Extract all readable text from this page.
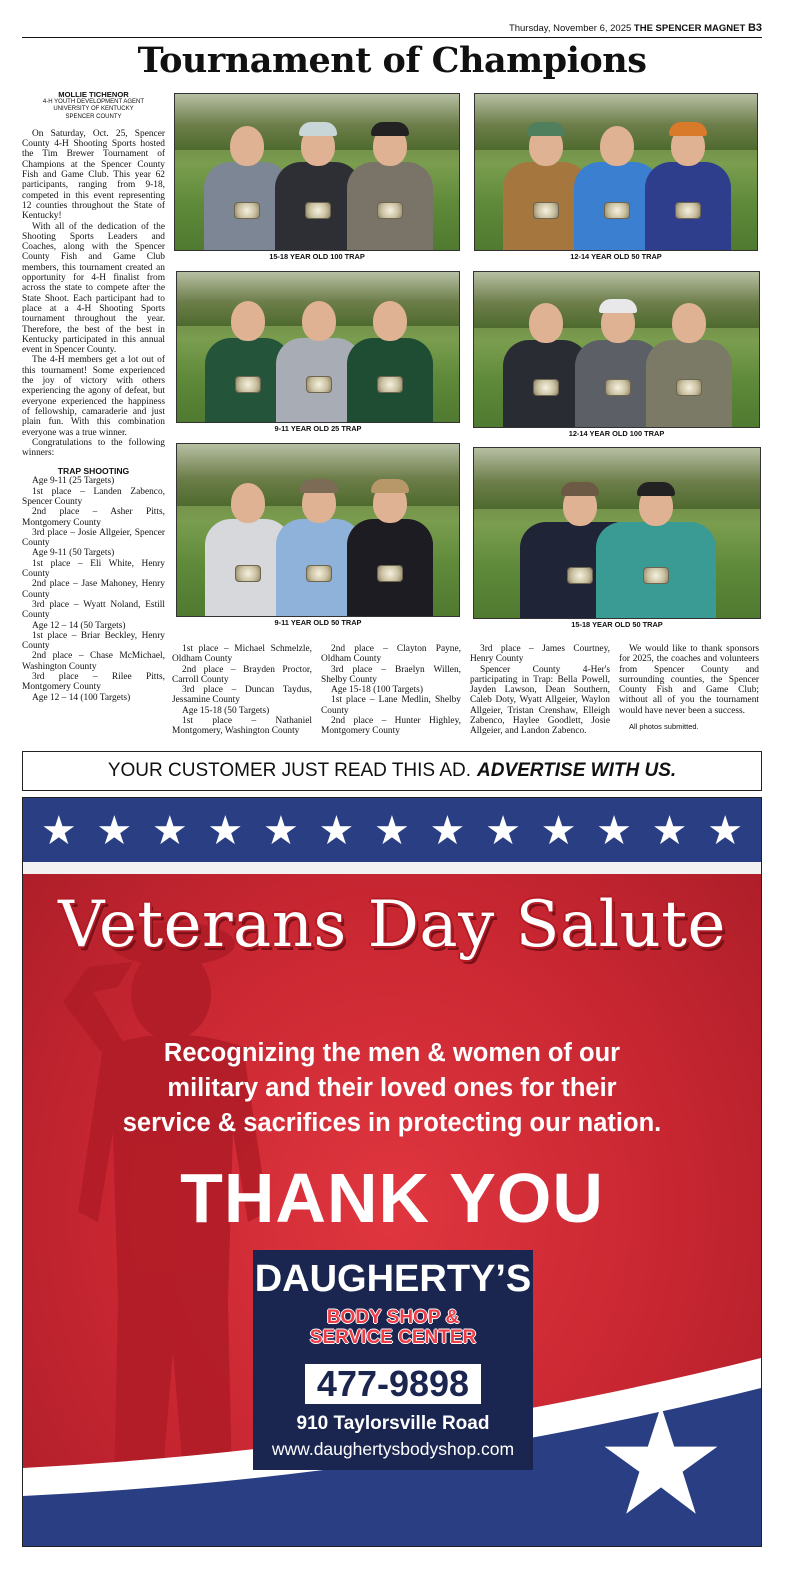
Thursday, November 6, 2025 THE SPENCER MAGNET B3
Tournament of Champions
MOLLIE TICHENOR
4-H YOUTH DEVELOPMENT AGENT
UNIVERSITY OF KENTUCKY
SPENCER COUNTY

On Saturday, Oct. 25, Spencer County 4-H Shooting Sports hosted the Tim Brewer Tournament of Champions at the Spencer County Fish and Game Club. This year 62 participants, ranging from 9-18, competed in this event representing 12 counties throughout the State of Kentucky!

With all of the dedication of the Shooting Sports Leaders and Coaches, along with the Spencer County Fish and Game Club members, this tournament created an opportunity for 4-H finalist from across the state to compete after the State Shoot. Each participant had to place at a 4-H Shooting Sports tournament throughout the year. Therefore, the best of the best in Kentucky participated in this annual event in Spencer County.

The 4-H members get a lot out of this tournament! Some experienced the joy of victory with others experiencing the agony of defeat, but everyone experienced the happiness of fellowship, camaraderie and just plain fun. With this combination everyone was a true winner.

Congratulations to the following winners:

TRAP SHOOTING

Age 9-11 (25 Targets)

1st place – Landen Zabenco, Spencer County

2nd place – Asher Pitts, Montgomery County

3rd place – Josie Allgeier, Spencer County

Age 9-11 (50 Targets)

1st place – Eli White, Henry County

2nd place – Jase Mahoney, Henry County

3rd place – Wyatt Noland, Estill County

Age 12 – 14 (50 Targets)

1st place – Briar Beckley, Henry County

2nd place – Chase McMichael, Washington County

3rd place – Rilee Pitts, Montgomery County

Age 12 – 14 (100 Targets)

15-18 YEAR OLD 100 TRAP	12-14 YEAR OLD 50 TRAP
9-11 YEAR OLD 25 TRAP
12-14 YEAR OLD 100 TRAP
9-11 YEAR OLD 50 TRAP	15-18 YEAR OLD 50 TRAP

1st place – Michael Schmelzle, Oldham County

2nd place – Brayden Proctor, Carroll County

3rd place – Duncan Taydus, Jessamine County

Age 15-18 (50 Targets)

1st place – Nathaniel Montgomery, Washington County

2nd place – Clayton Payne, Oldham County

3rd place – Braelyn Willen, Shelby County

Age 15-18 (100 Targets)

1st place – Lane Medlin, Shelby County

2nd place – Hunter Highley, Montgomery County

3rd place – James Courtney, Henry County

Spencer County 4-Her's participating in Trap: Bella Powell, Jayden Lawson, Dean Southern, Caleb Doty, Wyatt Allgeier, Waylon Allgeier, Tristan Crenshaw, Elleigh Zabenco, Haylee Goodlett, Josie Allgeier, and Landon Zabenco.

We would like to thank sponsors for 2025, the coaches and volunteers from Spencer County and surrounding counties, the Spencer County Fish and Game Club; without all of you the tournament would have never been a success.

All photos submitted.
YOUR CUSTOMER JUST READ THIS AD. ADVERTISE WITH US.
★ ★ ★ ★ ★ ★ ★ ★ ★ ★ ★ ★ ★
Veterans Day Salute
Recognizing the men & women of our
military and their loved ones for their
service & sacrifices in protecting our nation.
THANK YOU
DAUGHERTY’S
BODY SHOP &
SERVICE CENTER
477-9898
910 Taylorsville Road
www.daughertysbodyshop.com
